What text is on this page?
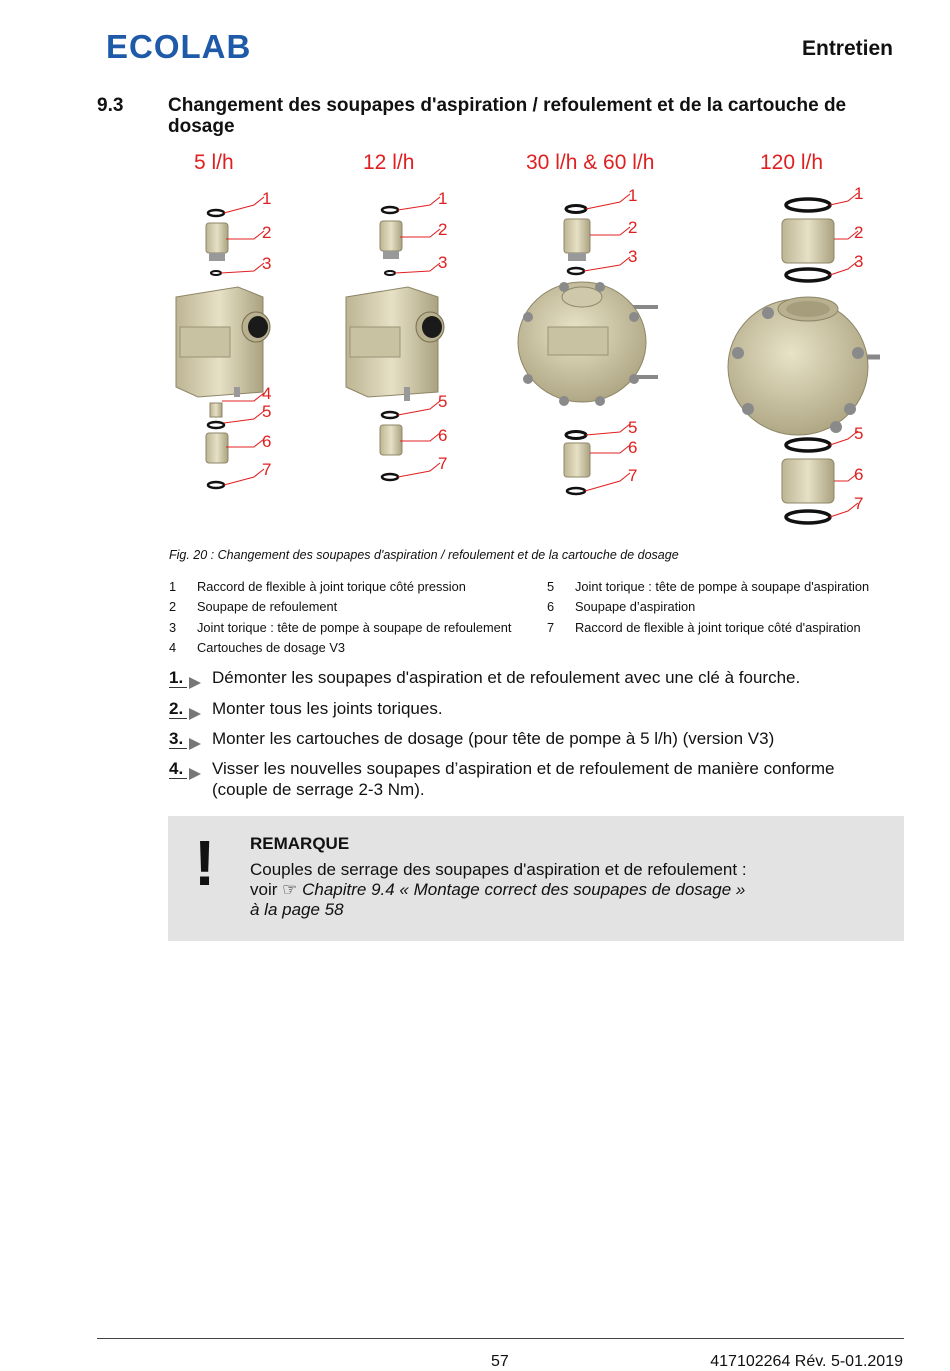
ECOLAB	Entretien
9.3 Changement des soupapes d'aspiration / refoulement et de la cartouche de dosage
5 l/h	12 l/h	30 l/h & 60 l/h	120 l/h
1
2
3
4
5
6
7
1
2
3
5
6
7
1
2
3
5
6
7
1
2
3
5
6
7
Fig. 20 : Changement des soupapes d'aspiration / refoulement et de la cartouche de dosage
1 Raccord de flexible à joint torique côté pression
2 Soupape de refoulement
3 Joint torique : tête de pompe à soupape de refoulement
4 Cartouches de dosage V3
5 Joint torique : tête de pompe à soupape d'aspiration
6 Soupape d’aspiration
7 Raccord de flexible à joint torique côté d'aspiration
1. Démonter les soupapes d'aspiration et de refoulement avec une clé à fourche.
2. Monter tous les joints toriques.
3. Monter les cartouches de dosage (pour tête de pompe à 5 l/h) (version V3)
4. Visser les nouvelles soupapes d’aspiration et de refoulement de manière conforme (couple de serrage 2-3 Nm).
! REMARQUE
Couples de serrage des soupapes d'aspiration et de refoulement :
voir ☞ Chapitre 9.4 « Montage correct des soupapes de dosage »
à la page 58
57	417102264 Rév. 5-01.2019
